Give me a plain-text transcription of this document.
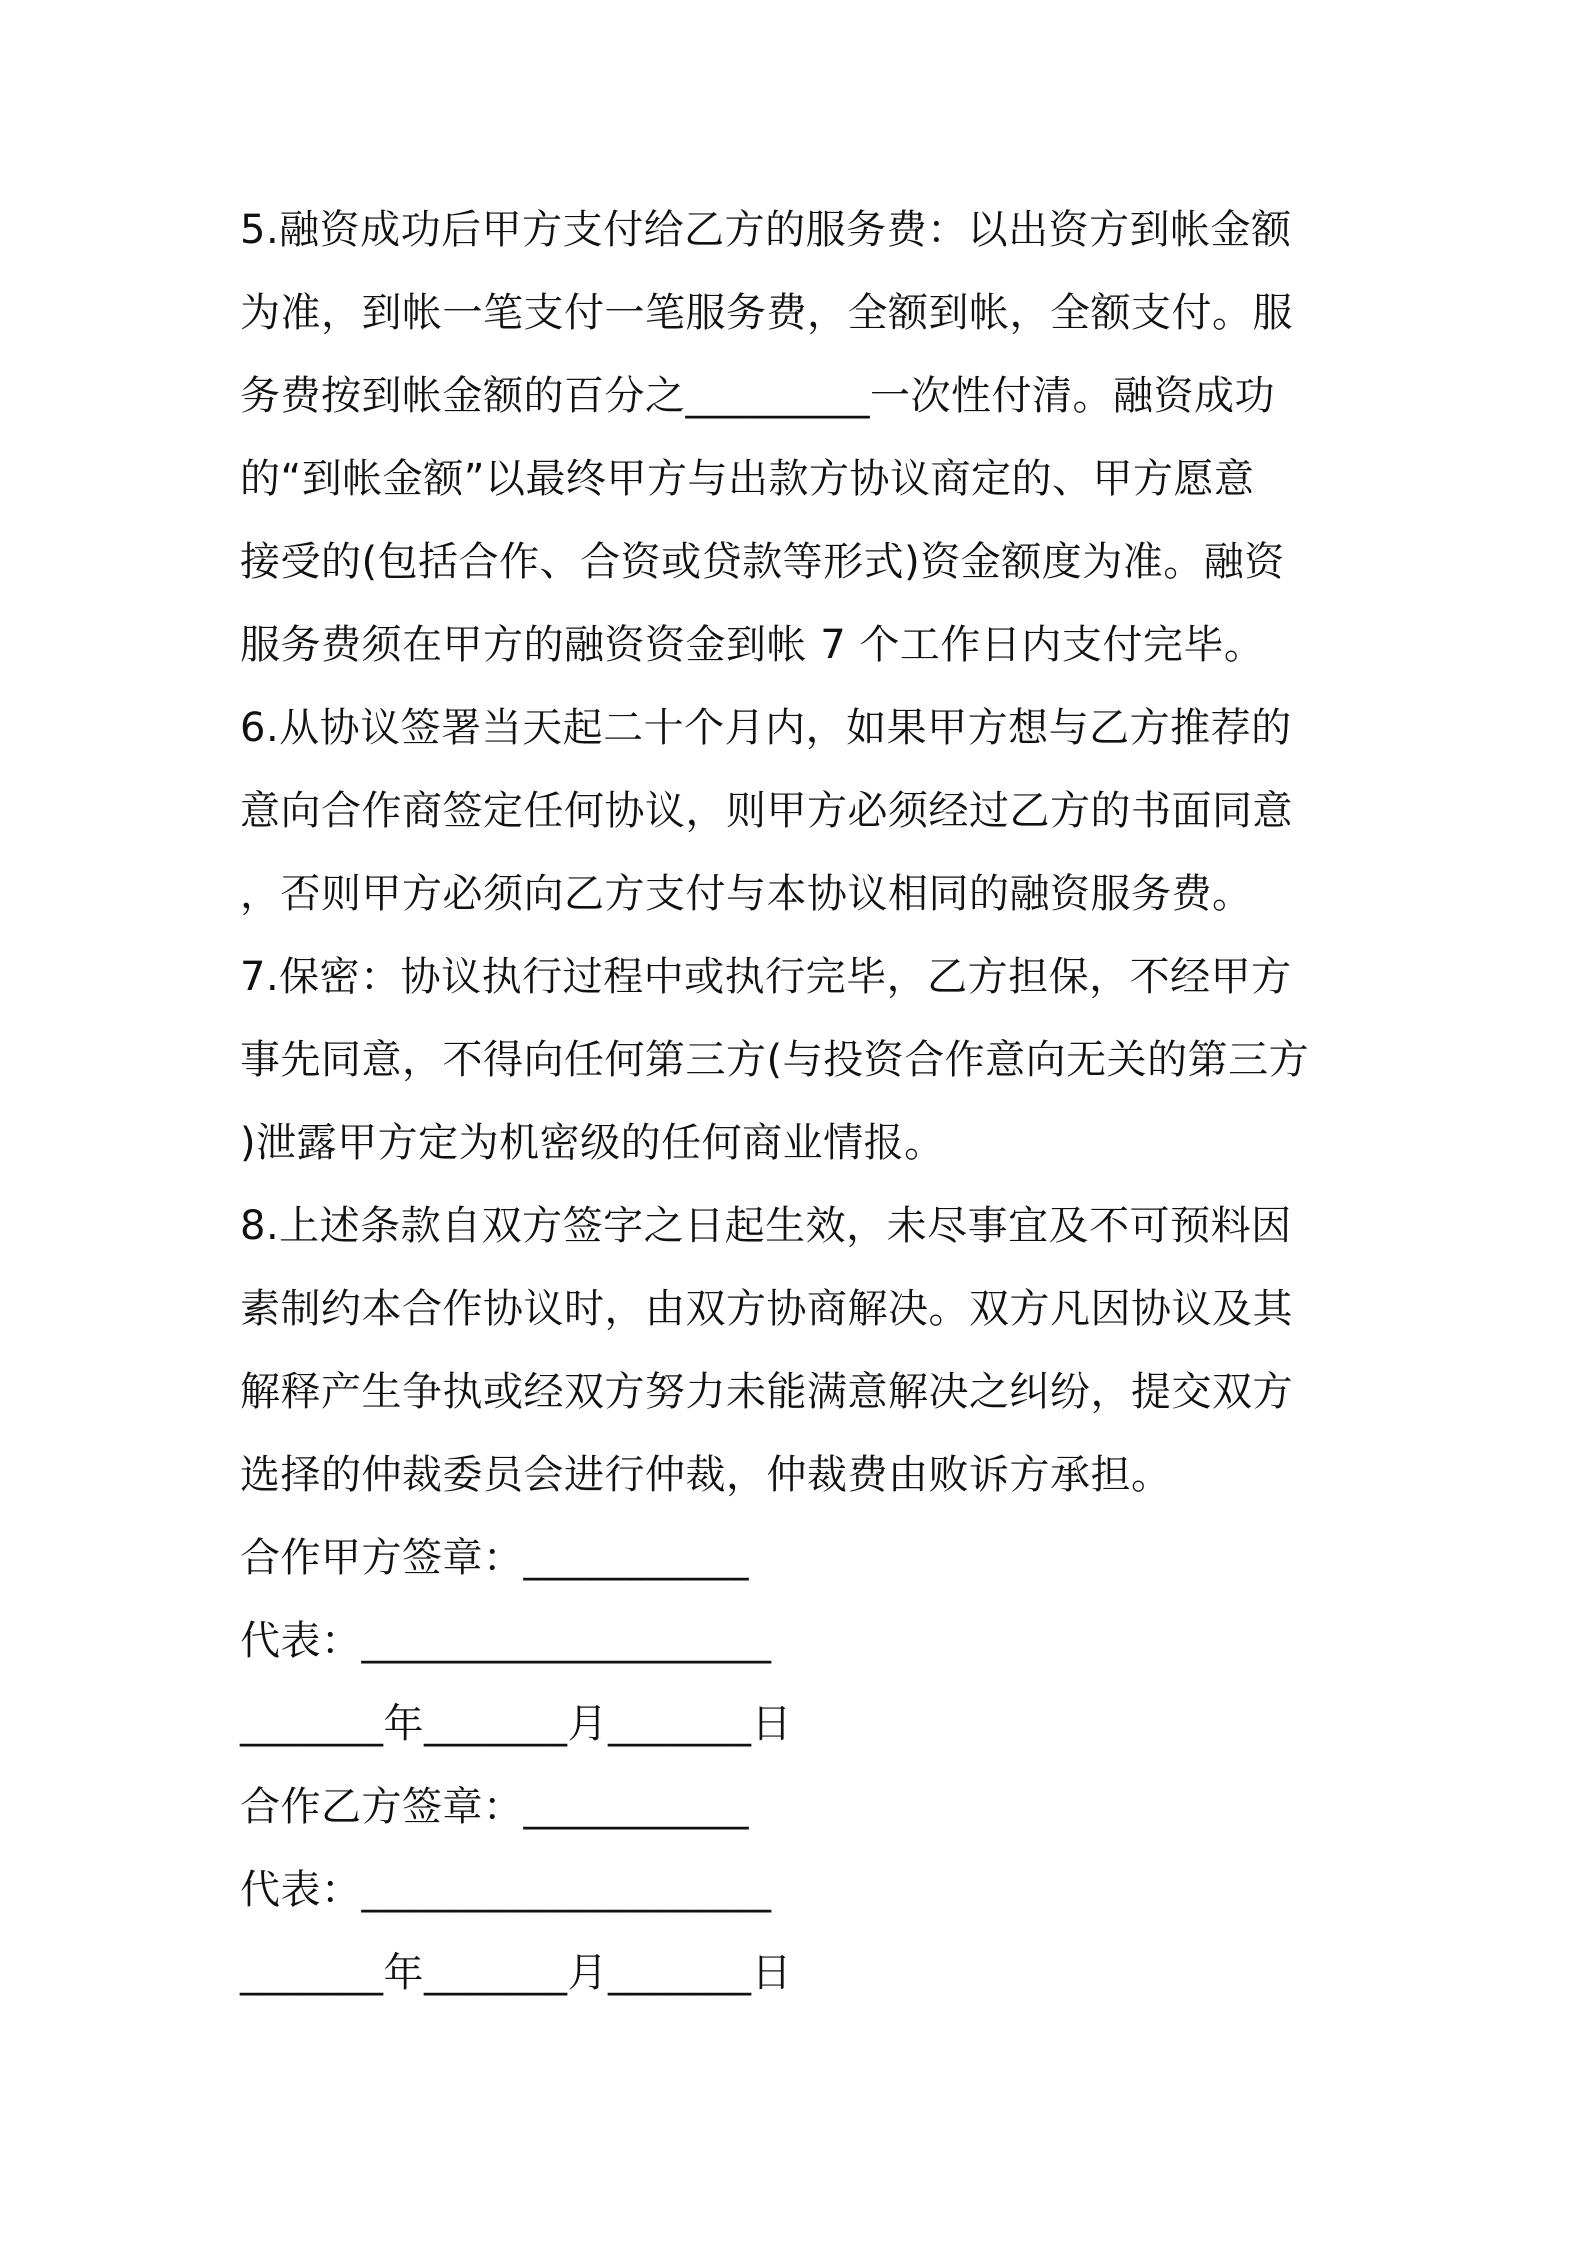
5.融资成功后甲方支付给乙方的服务费：以出资方到帐金额
为准，到帐一笔支付一笔服务费，全额到帐，全额支付。服
务费按到帐金额的百分之_________一次性付清。融资成功
的“到帐金额”以最终甲方与出款方协议商定的、甲方愿意
接受的(包括合作、合资或贷款等形式)资金额度为准。融资
服务费须在甲方的融资资金到帐 7 个工作日内支付完毕。
6.从协议签署当天起二十个月内，如果甲方想与乙方推荐的
意向合作商签定任何协议，则甲方必须经过乙方的书面同意
，否则甲方必须向乙方支付与本协议相同的融资服务费。
7.保密：协议执行过程中或执行完毕，乙方担保，不经甲方
事先同意，不得向任何第三方(与投资合作意向无关的第三方
)泄露甲方定为机密级的任何商业情报。
8.上述条款自双方签字之日起生效，未尽事宜及不可预料因
素制约本合作协议时，由双方协商解决。双方凡因协议及其
解释产生争执或经双方努力未能满意解决之纠纷，提交双方
选择的仲裁委员会进行仲裁，仲裁费由败诉方承担。
合作甲方签章：___________
代表：____________________
_______年_______月_______日
合作乙方签章：___________
代表：____________________
_______年_______月_______日
